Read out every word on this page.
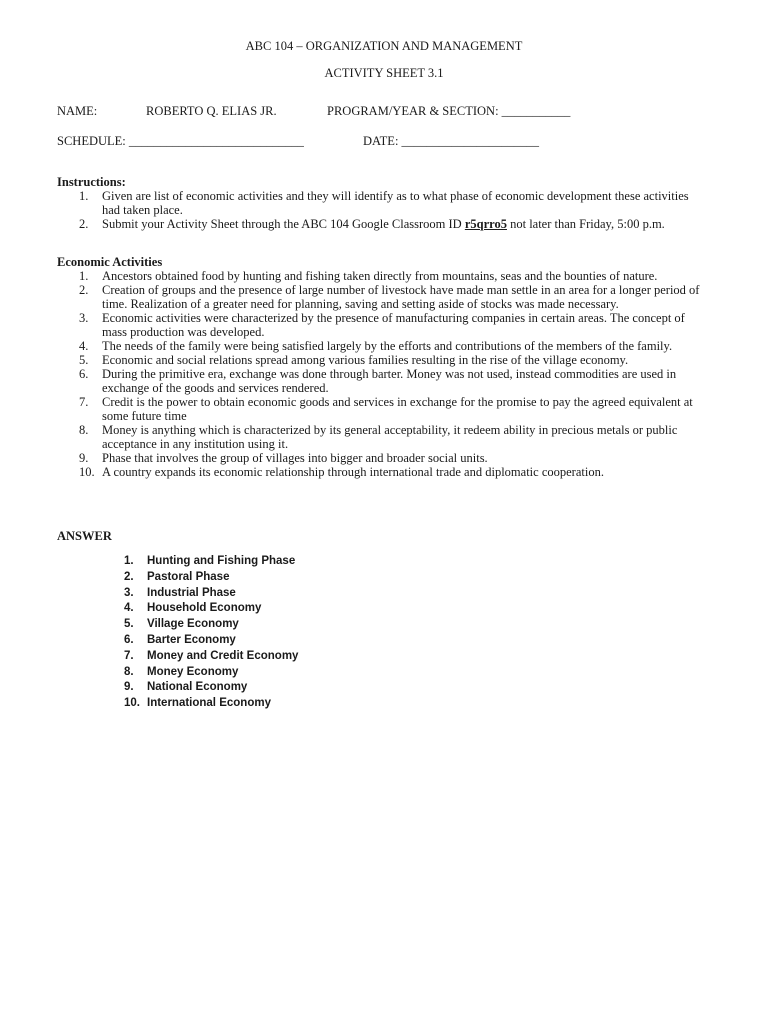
ABC 104 – ORGANIZATION AND MANAGEMENT
ACTIVITY SHEET 3.1
NAME:	ROBERTO Q. ELIAS JR.	PROGRAM/YEAR & SECTION: ___________
SCHEDULE: ____________________________	DATE: ______________________
Instructions:
1. Given are list of economic activities and they will identify as to what phase of economic development these activities had taken place.
2. Submit your Activity Sheet through the ABC 104 Google Classroom ID r5qrro5 not later than Friday, 5:00 p.m.
Economic Activities
1. Ancestors obtained food by hunting and fishing taken directly from mountains, seas and the bounties of nature.
2. Creation of groups and the presence of large number of livestock have made man settle in an area for a longer period of time. Realization of a greater need for planning, saving and setting aside of stocks was made necessary.
3. Economic activities were characterized by the presence of manufacturing companies in certain areas. The concept of mass production was developed.
4. The needs of the family were being satisfied largely by the efforts and contributions of the members of the family.
5. Economic and social relations spread among various families resulting in the rise of the village economy.
6. During the primitive era, exchange was done through barter. Money was not used, instead commodities are used in exchange of the goods and services rendered.
7. Credit is the power to obtain economic goods and services in exchange for the promise to pay the agreed equivalent at some future time
8. Money is anything which is characterized by its general acceptability, it redeem ability in precious metals or public acceptance in any institution using it.
9. Phase that involves the group of villages into bigger and broader social units.
10. A country expands its economic relationship through international trade and diplomatic cooperation.
ANSWER
1. Hunting and Fishing Phase
2. Pastoral Phase
3. Industrial Phase
4. Household Economy
5. Village Economy
6. Barter Economy
7. Money and Credit Economy
8. Money Economy
9. National Economy
10. International Economy
